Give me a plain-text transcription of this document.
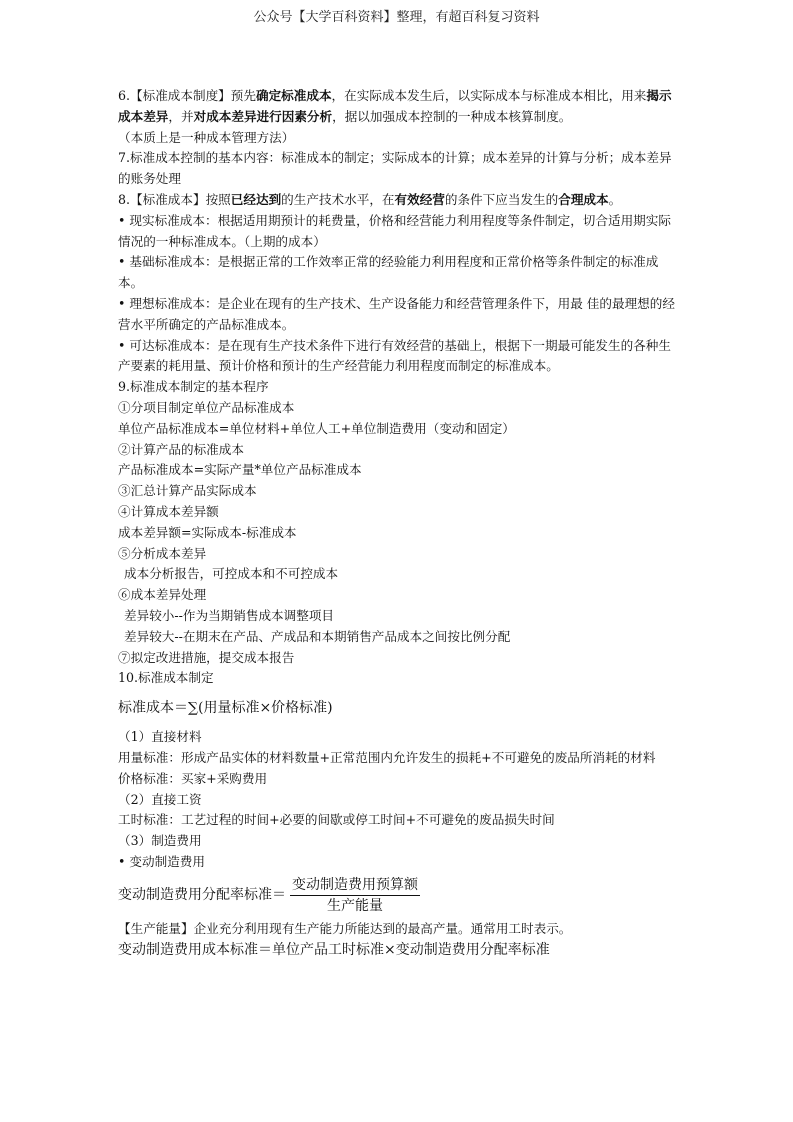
公众号【大学百科资料】整理，有超百科复习资料

6.【标准成本制度】预先确定标准成本，在实际成本发生后，以实际成本与标准成本相比，用来揭示成本差异，并对成本差异进行因素分析，据以加强成本控制的一种成本核算制度。

（本质上是一种成本管理方法）

7.标准成本控制的基本内容：标准成本的制定；实际成本的计算；成本差异的计算与分析；成本差异的账务处理

8.【标准成本】按照已经达到的生产技术水平，在有效经营的条件下应当发生的合理成本。

• 现实标准成本：根据适用期预计的耗费量，价格和经营能力利用程度等条件制定，切合适用期实际情况的一种标准成本。（上期的成本）

• 基础标准成本：是根据正常的工作效率正常的经验能力利用程度和正常价格等条件制定的标准成本。

• 理想标准成本：是企业在现有的生产技术、生产设备能力和经营管理条件下，用最 佳的最理想的经营水平所确定的产品标准成本。

• 可达标准成本：是在现有生产技术条件下进行有效经营的基础上，根据下一期最可能发生的各种生产要素的耗用量、预计价格和预计的生产经营能力利用程度而制定的标准成本。

9.标准成本制定的基本程序

①分项目制定单位产品标准成本

单位产品标准成本=单位材料+单位人工+单位制造费用（变动和固定）

②计算产品的标准成本

产品标准成本=实际产量*单位产品标准成本

③汇总计算产品实际成本

④计算成本差异额

成本差异额=实际成本-标准成本

⑤分析成本差异

成本分析报告，可控成本和不可控成本

⑥成本差异处理

差异较小--作为当期销售成本调整项目

差异较大--在期末在产品、产成品和本期销售产品成本之间按比例分配

⑦拟定改进措施，提交成本报告

10.标准成本制定

标准成本＝∑(用量标准×价格标准)

（1）直接材料

用量标准：形成产品实体的材料数量+正常范围内允许发生的损耗+不可避免的废品所消耗的材料

价格标准：买家+采购费用

（2）直接工资

工时标准：工艺过程的时间+必要的间歇或停工时间+不可避免的废品损失时间

（3）制造费用

• 变动制造费用

变动制造费用分配率标准＝ $\frac{\text{变动制造费用预算额}}{\text{生产能量}}$

【生产能量】企业充分利用现有生产能力所能达到的最高产量。通常用工时表示。

变动制造费用成本标准＝单位产品工时标准×变动制造费用分配率标准
